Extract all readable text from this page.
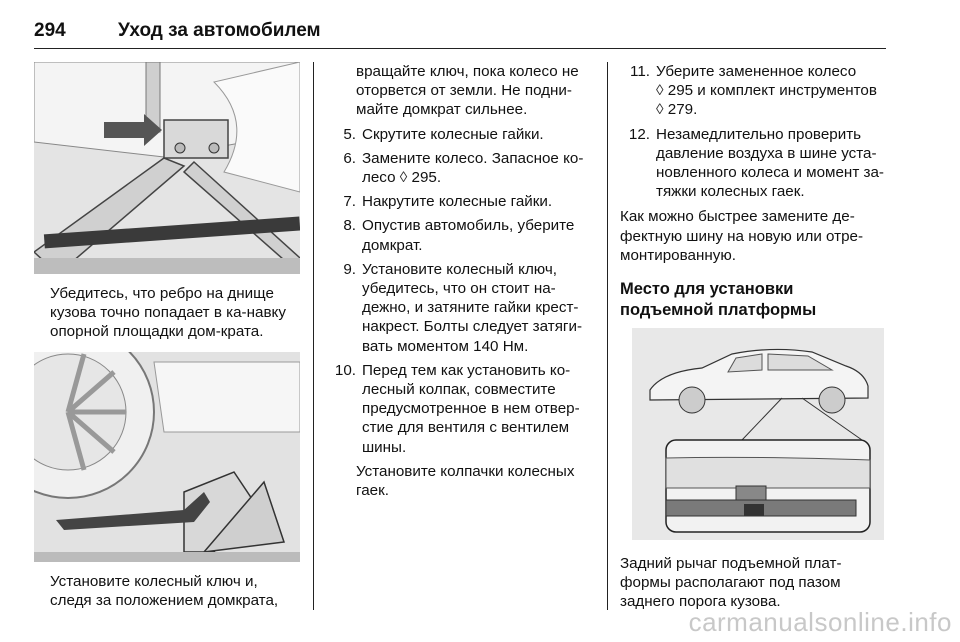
294	Уход за автомобилем
Убедитесь, что ребро на днище кузова точно попадает в ка-навку опорной площадки дом-крата.
Установите колесный ключ и, следя за положением домкрата,
вращайте ключ, пока колесо не оторвется от земли. Не подни-майте домкрат сильнее.
5. Скрутите колесные гайки.
6. Замените колесо. Запасное ко-лесо ◊ 295.
7. Накрутите колесные гайки.
8. Опустив автомобиль, уберите домкрат.
9. Установите колесный ключ, убедитесь, что он стоит на-дежно, и затяните гайки крест-накрест. Болты следует затяги-вать моментом 140 Нм.
10. Перед тем как установить ко-лесный колпак, совместите предусмотренное в нем отвер-стие для вентиля с вентилем шины.
Установите колпачки колесных гаек.
11. Уберите замененное колесо
◊ 295 и комплект инструментов
◊ 279.
12. Незамедлительно проверить давление воздуха в шине уста-новленного колеса и момент за-тяжки колесных гаек.
Как можно быстрее замените де-фектную шину на новую или отре-монтированную.
Место для установки подъемной платформы
Задний рычаг подъемной плат-формы располагают под пазом заднего порога кузова.
carmanualsonline.info
